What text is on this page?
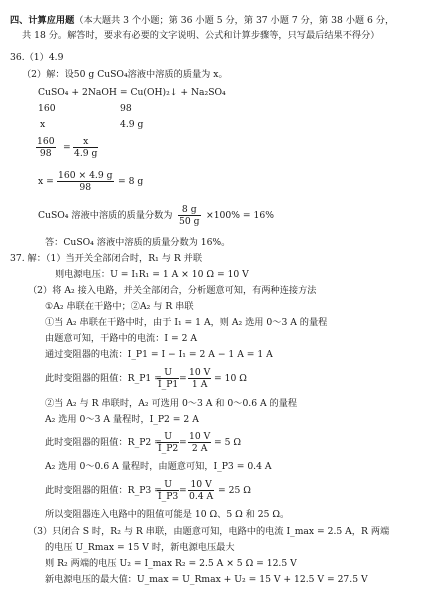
四、计算应用题（本大题共 3 个小题；第 36 小题 5 分，第 37 小题 7 分，第 38 小题 6 分，
共 18 分。解答时，要求有必要的文字说明、公式和计算步骤等，只写最后结果不得分）
36.（1）4.9
（2）解：设50 g CuSO₄溶液中溶质的质量为 x。
CuSO₄ + 2NaOH = Cu(OH)₂↓ + Na₂SO₄
160	98
x	4.9 g
160
98
=
x
4.9 g
x =
160 × 4.9 g
98
= 8 g
CuSO₄ 溶液中溶质的质量分数为
8 g
50 g
×100% = 16%
答：CuSO₄ 溶液中溶质的质量分数为 16%。
37. 解：（1）当开关全部闭合时，R₁ 与 R 并联
则电源电压：U = I₁R₁ = 1 A × 10 Ω = 10 V
（2）将 A₂ 接入电路，并关全部闭合，分析题意可知，有两种连接方法
①A₂ 串联在干路中；②A₂ 与 R 串联
①当 A₂ 串联在干路中时，由于 I₁ = 1 A，则 A₂ 选用 0～3 A 的量程
由题意可知，干路中的电流：I = 2 A
通过变阻器的电流：I_P1 = I − I₁ = 2 A − 1 A = 1 A
此时变阻器的阻值：R_P1 =
U
I_P1
=
10 V
1 A
= 10 Ω
②当 A₂ 与 R 串联时，A₂ 可选用 0～3 A 和 0～0.6 A 的量程
A₂ 选用 0～3 A 量程时，I_P2 = 2 A
此时变阻器的阻值：R_P2 =
U
I_P2
=
10 V
2 A
= 5 Ω
A₂ 选用 0～0.6 A 量程时，由题意可知，I_P3 = 0.4 A
此时变阻器的阻值：R_P3 =
U
I_P3
=
10 V
0.4 A
= 25 Ω
所以变阻器连入电路中的阻值可能是 10 Ω、5 Ω 和 25 Ω。
（3）只闭合 S 时，R₂ 与 R 串联，由题意可知，电路中的电流 I_max = 2.5 A，R 两端
的电压 U_Rmax = 15 V 时，新电源电压最大
则 R₂ 两端的电压 U₂ = I_max R₂ = 2.5 A × 5 Ω = 12.5 V
新电源电压的最大值：U_max = U_Rmax + U₂ = 15 V + 12.5 V = 27.5 V
